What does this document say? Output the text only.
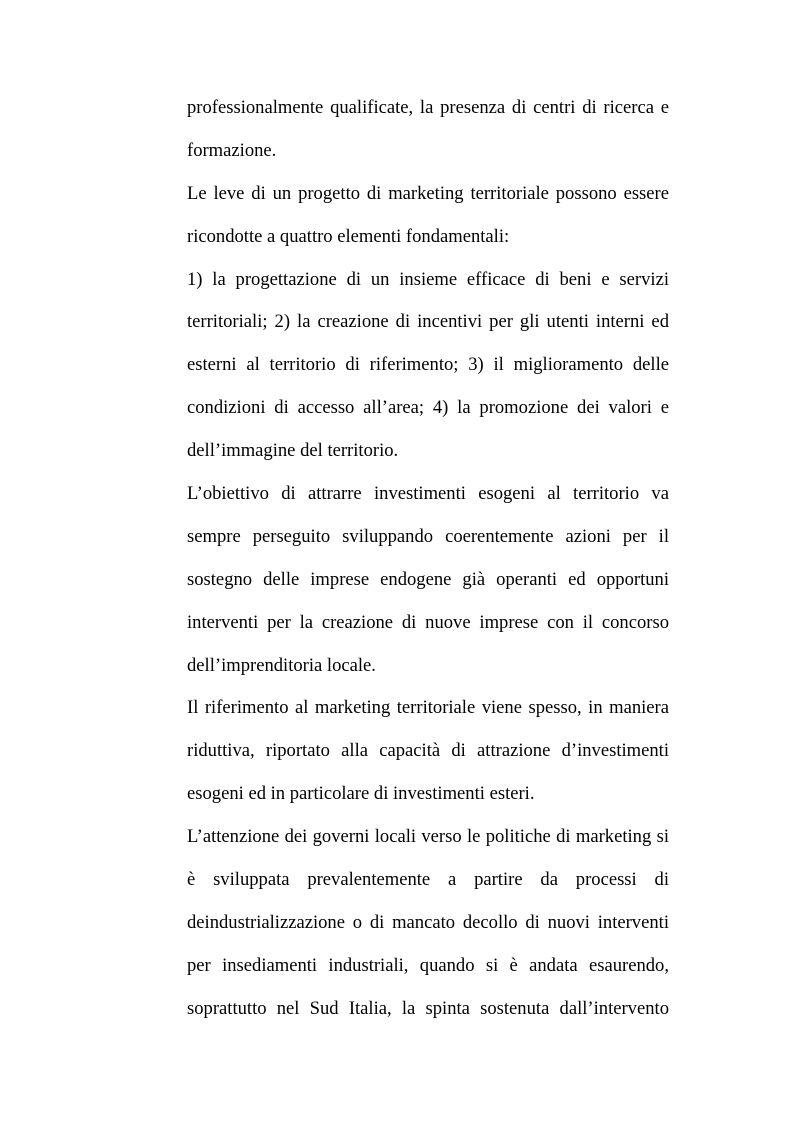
professionalmente qualificate, la presenza di centri di ricerca e
formazione.
Le leve di un progetto di marketing territoriale possono essere
ricondotte a quattro elementi fondamentali:
1) la progettazione di un insieme efficace di beni e servizi
territoriali; 2) la creazione di incentivi per gli utenti interni ed
esterni al territorio di riferimento; 3) il miglioramento delle
condizioni di accesso all’area; 4) la promozione dei valori e
dell’immagine del territorio.
L’obiettivo di attrarre investimenti esogeni al territorio va
sempre perseguito sviluppando coerentemente azioni per il
sostegno delle imprese endogene già operanti ed opportuni
interventi per la creazione di nuove imprese con il concorso
dell’imprenditoria locale.
Il riferimento al marketing territoriale viene spesso, in maniera
riduttiva, riportato alla capacità di attrazione d’investimenti
esogeni ed in particolare di investimenti esteri.
L’attenzione dei governi locali verso le politiche di marketing si
è sviluppata prevalentemente a partire da processi di
deindustrializzazione o di mancato decollo di nuovi interventi
per insediamenti industriali, quando si è andata esaurendo,
soprattutto nel Sud Italia, la spinta sostenuta dall’intervento
